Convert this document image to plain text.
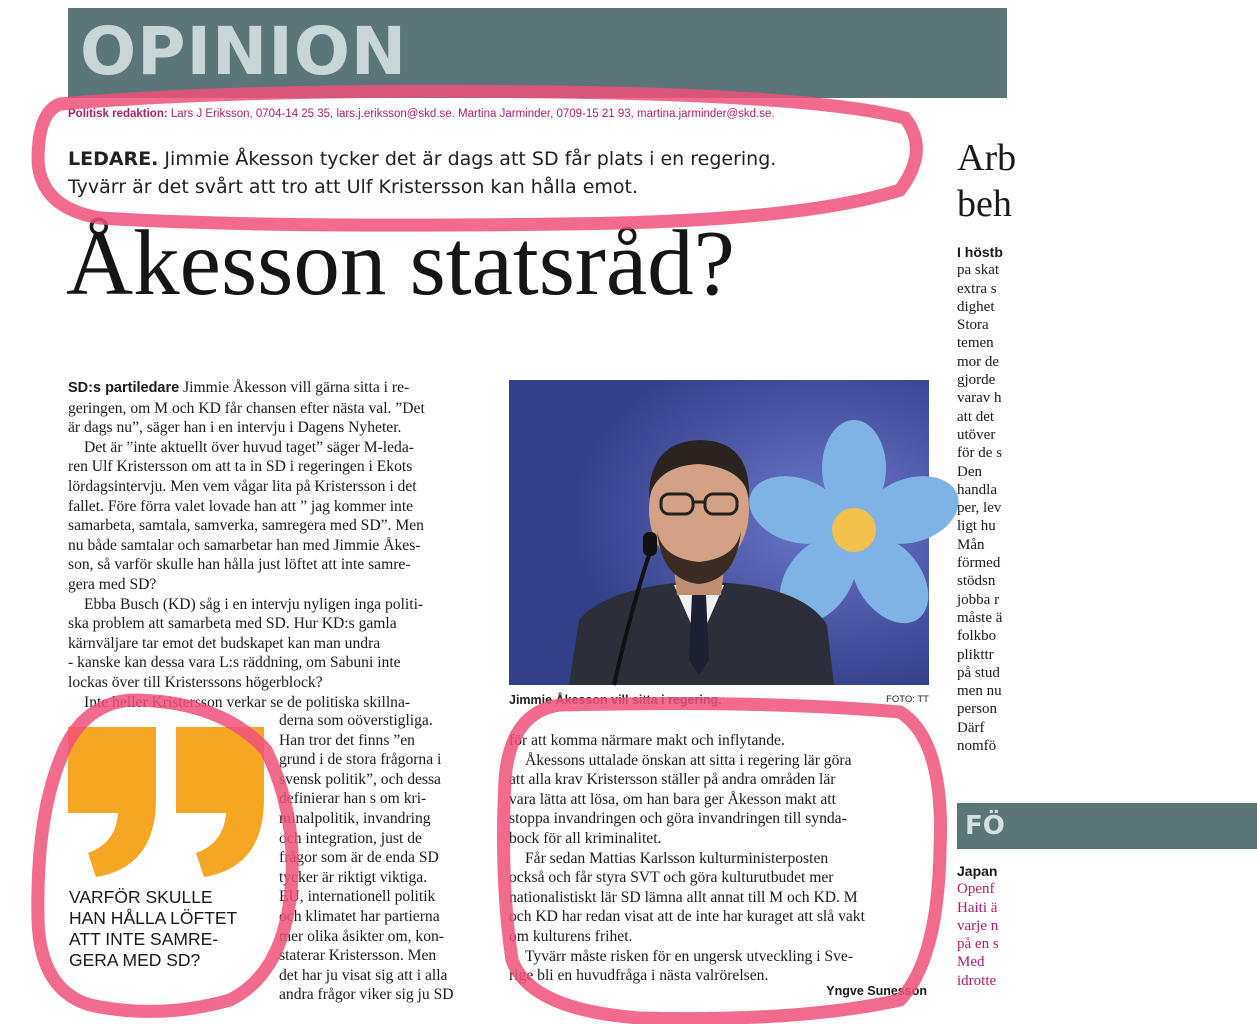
OPINION
Politisk redaktion: Lars J Eriksson, 0704-14 25 35, lars.j.eriksson@skd.se. Martina Jarminder, 0709-15 21 93, martina.jarminder@skd.se.
LEDARE. Jimmie Åkesson tycker det är dags att SD får plats i en regering.
Tyvärr är det svårt att tro att Ulf Kristersson kan hålla emot.
Åkesson statsråd?

SD:s partiledare Jimmie Åkesson vill gärna sitta i re-

geringen, om M och KD får chansen efter nästa val. ”Det

är dags nu”, säger han i en intervju i Dagens Nyheter.

Det är ”inte aktuellt över huvud taget” säger M-leda-

ren Ulf Kristersson om att ta in SD i regeringen i Ekots

lördagsintervju. Men vem vågar lita på Kristersson i det

fallet. Före förra valet lovade han att ” jag kommer inte

samarbeta, samtala, samverka, samregera med SD”. Men

nu både samtalar och samarbetar han med Jimmie Åkes-

son, så varför skulle han hålla just löftet att inte samre-

gera med SD?

Ebba Busch (KD) såg i en intervju nyligen inga politi-

ska problem att samarbeta med SD. Hur KD:s gamla

kärnväljare tar emot det budskapet kan man undra

- kanske kan dessa vara L:s räddning, om Sabuni inte

lockas över till Kristerssons högerblock?

Inte heller Kristersson verkar se de politiska skillna-

derna som oöverstigliga.

Han tror det finns ”en

grund i de stora frågorna i

svensk politik”, och dessa

definierar han s om kri-

minalpolitik, invandring

och integration, just de

frågor som är de enda SD

tycker är riktigt viktiga.

EU, internationell politik

och klimatet har partierna

mer olika åsikter om, kon-

staterar Kristersson. Men

det har ju visat sig att i alla

andra frågor viker sig ju SD

Jimmie Åkesson vill sitta i regering.	FOTO: TT

för att komma närmare makt och inflytande.

Åkessons uttalade önskan att sitta i regering lär göra

att alla krav Kristersson ställer på andra områden lär

vara lätta att lösa, om han bara ger Åkesson makt att

stoppa invandringen och göra invandringen till synda-

bock för all kriminalitet.

Får sedan Mattias Karlsson kulturministerposten

också och får styra SVT och göra kulturutbudet mer

nationalistiskt lär SD lämna allt annat till M och KD. M

och KD har redan visat att de inte har kuraget att slå vakt

om kulturens frihet.

Tyvärr måste risken för en ungersk utveckling i Sve-

rige bli en huvudfråga i nästa valrörelsen.

Yngve Sunesson
VARFÖR SKULLE
HAN HÅLLA LÖFTET
ATT INTE SAMRE-
GERA MED SD?
Arb
beh
I höstb
pa skat
extra s
dighet
Stora
temen
mor de
gjorde
varav h
att det
utöver
för de s
Den
handla
per, lev
ligt hu
Mån
förmed
stödsn
jobba r
måste ä
folkbo
plikttr
på stud
men nu
person
Därf
nomfö
FÖ
Japan
Openf
Haiti ä
varje n
på en s
Med
idrotte
